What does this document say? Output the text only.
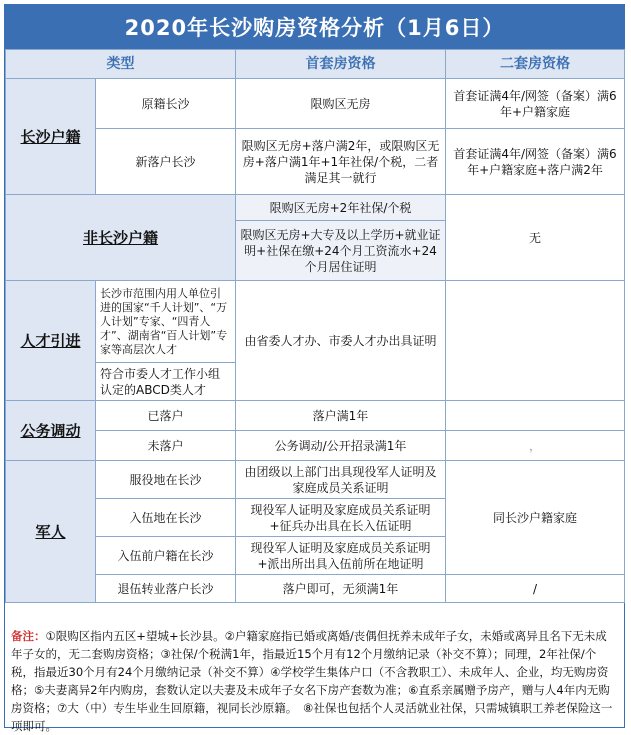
2020年长沙购房资格分析（1月6日）
类型		首套房资格	二套房资格
长沙户籍	原籍长沙	限购区无房	首套证满4年/网签（备案）满6年+户籍家庭
	新落户长沙	限购区无房+落户满2年，或限购区无房+落户满1年+1年社保/个税，二者满足其一就行	首套证满4年/网签（备案）满6年+户籍家庭+落户满2年
非长沙户籍		限购区无房+2年社保/个税	无
		限购区无房+大专及以上学历+就业证明+社保在缴+24个月工资流水+24个月居住证明	
人才引进	长沙市范围内用人单位引进的国家“千人计划”、“万人计划”专家、“四青人才”、湖南省“百人计划”专家等高层次人才	由省委人才办、市委人才办出具证明	
	符合市委人才工作小组认定的ABCD类人才		
公务调动	已落户	落户满1年	
	未落户	公务调动/公开招录满1年	，
军人	服役地在长沙	由团级以上部门出具现役军人证明及家庭成员关系证明	同长沙户籍家庭
	入伍地在长沙	现役军人证明及家庭成员关系证明+征兵办出具在长入伍证明	
	入伍前户籍在长沙	现役军人证明及家庭成员关系证明+派出所出具入伍前所在地证明	
	退伍转业落户长沙	落户即可，无须满1年	/
备注：①限购区指内五区+望城+长沙县。②户籍家庭指已婚或离婚/丧偶但抚养未成年子女，未婚或离异且名下无未成年子女的，无二套购房资格；③社保/个税满1年，指最近15个月有12个月缴纳记录（补交不算）；同理，2年社保/个税，指最近30个月有24个月缴纳记录（补交不算）④学校学生集体户口（不含教职工）、未成年人、企业，均无购房资格；⑤夫妻离异2年内购房，套数认定以夫妻及未成年子女名下房产套数为准；⑥直系亲属赠予房产，赠与人4年内无购房资格；⑦大（中）专生毕业生回原籍，视同长沙原籍。　⑧社保也包括个人灵活就业社保，只需城镇职工养老保险这一项即可。
